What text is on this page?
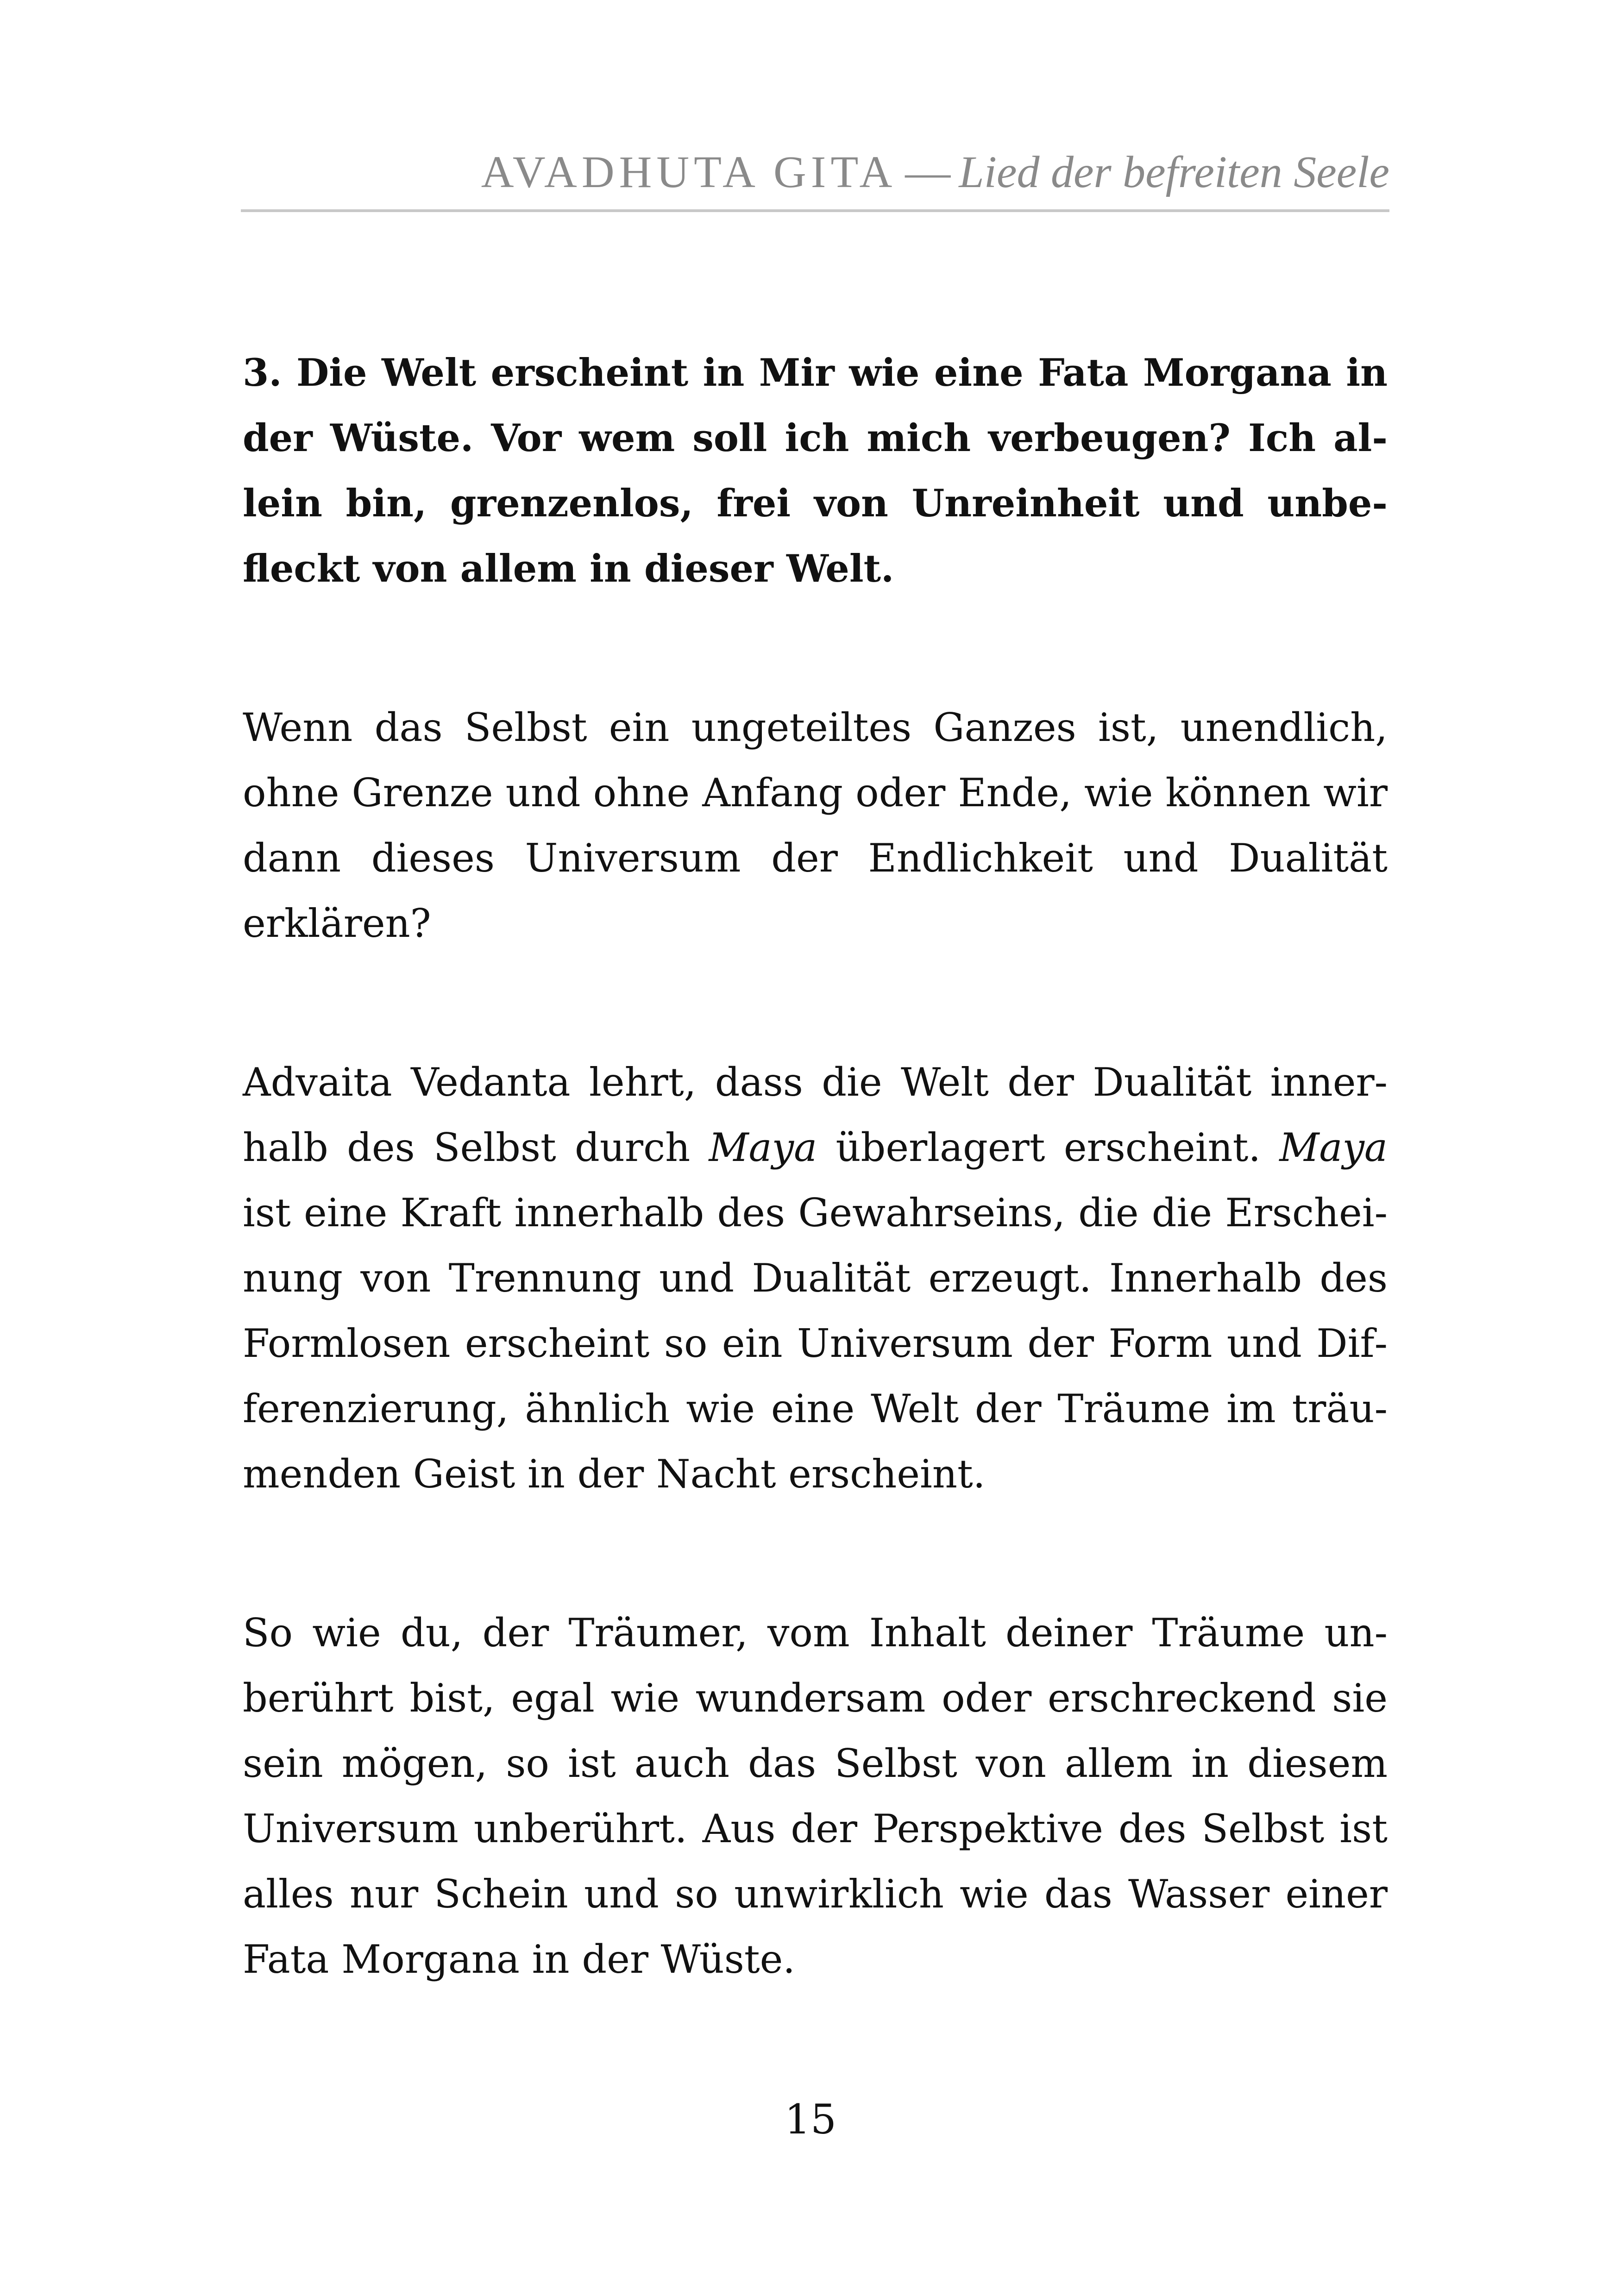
AVADHUTA GITA — Lied der befreiten Seele

3. Die Welt erscheint in Mir wie eine Fata Morgana in der Wüste. Vor wem soll ich mich verbeugen? Ich allein bin, grenzenlos, frei von Unreinheit und unbefleckt von allem in dieser Welt.

Wenn das Selbst ein ungeteiltes Ganzes ist, unendlich, ohne Grenze und ohne Anfang oder Ende, wie können wir dann dieses Universum der Endlichkeit und Dualität erklären?

Advaita Vedanta lehrt, dass die Welt der Dualität innerhalb des Selbst durch Maya überlagert erscheint. Maya ist eine Kraft innerhalb des Gewahrseins, die die Erscheinung von Trennung und Dualität erzeugt. Innerhalb des Formlosen erscheint so ein Universum der Form und Differenzierung, ähnlich wie eine Welt der Träume im träumenden Geist in der Nacht erscheint.

So wie du, der Träumer, vom Inhalt deiner Träume unberührt bist, egal wie wundersam oder erschreckend sie sein mögen, so ist auch das Selbst von allem in diesem Universum unberührt. Aus der Perspektive des Selbst ist alles nur Schein und so unwirklich wie das Wasser einer Fata Morgana in der Wüste.

15
